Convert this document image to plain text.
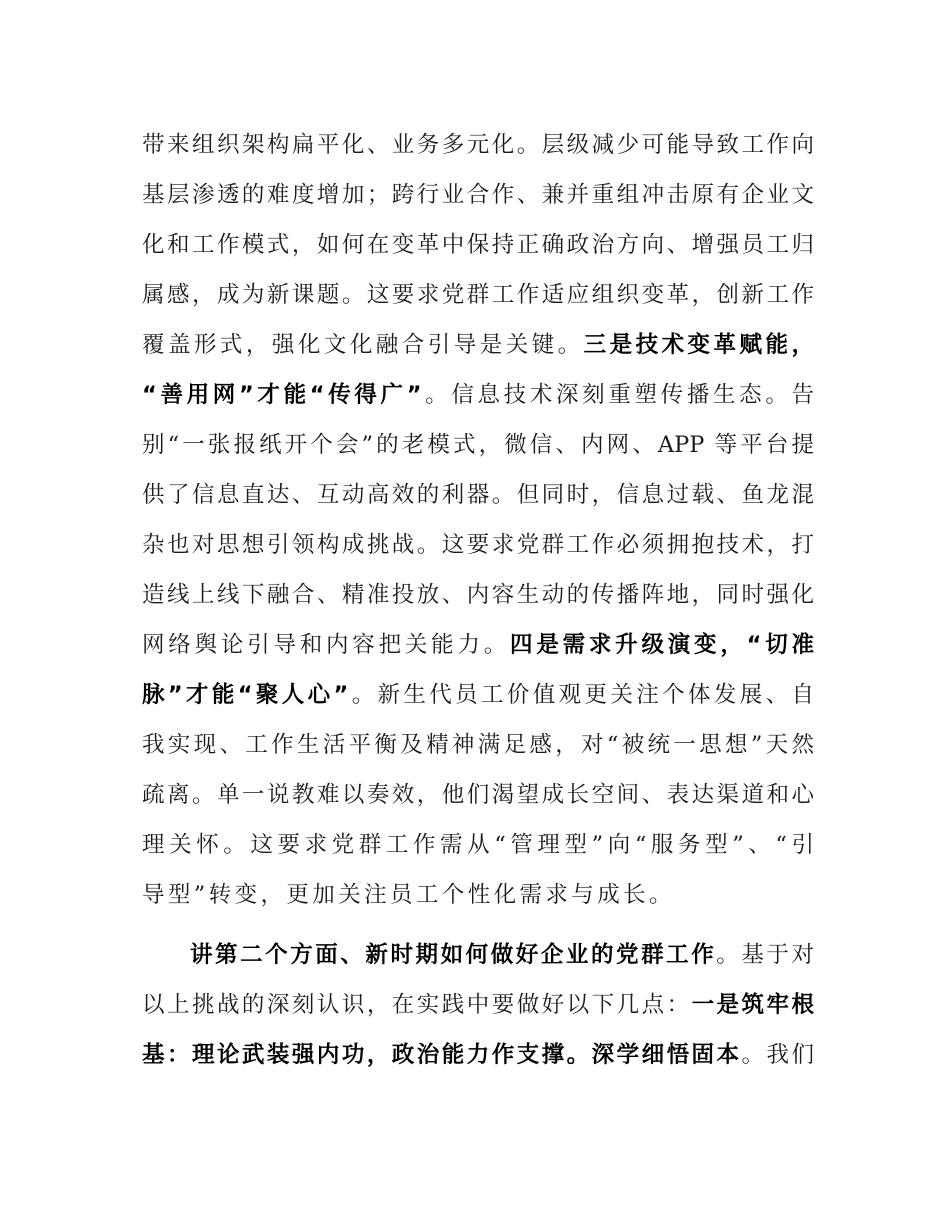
带来组织架构扁平化、业务多元化。层级减少可能导致工作向
基层渗透的难度增加；跨行业合作、兼并重组冲击原有企业文
化和工作模式，如何在变革中保持正确政治方向、增强员工归
属感，成为新课题。这要求党群工作适应组织变革，创新工作
覆盖形式，强化文化融合引导是关键。三是技术变革赋能，
“善用网”才能“传得广”。信息技术深刻重塑传播生态。告
别“一张报纸开个会”的老模式，微信、内网、APP 等平台提
供了信息直达、互动高效的利器。但同时，信息过载、鱼龙混
杂也对思想引领构成挑战。这要求党群工作必须拥抱技术，打
造线上线下融合、精准投放、内容生动的传播阵地，同时强化
网络舆论引导和内容把关能力。四是需求升级演变，“切准
脉”才能“聚人心”。新生代员工价值观更关注个体发展、自
我实现、工作生活平衡及精神满足感，对“被统一思想”天然
疏离。单一说教难以奏效，他们渴望成长空间、表达渠道和心
理关怀。这要求党群工作需从“管理型”向“服务型”、“引
导型”转变，更加关注员工个性化需求与成长。
讲第二个方面、新时期如何做好企业的党群工作。基于对
以上挑战的深刻认识，在实践中要做好以下几点：一是筑牢根
基：理论武装强内功，政治能力作支撑。深学细悟固本。我们
